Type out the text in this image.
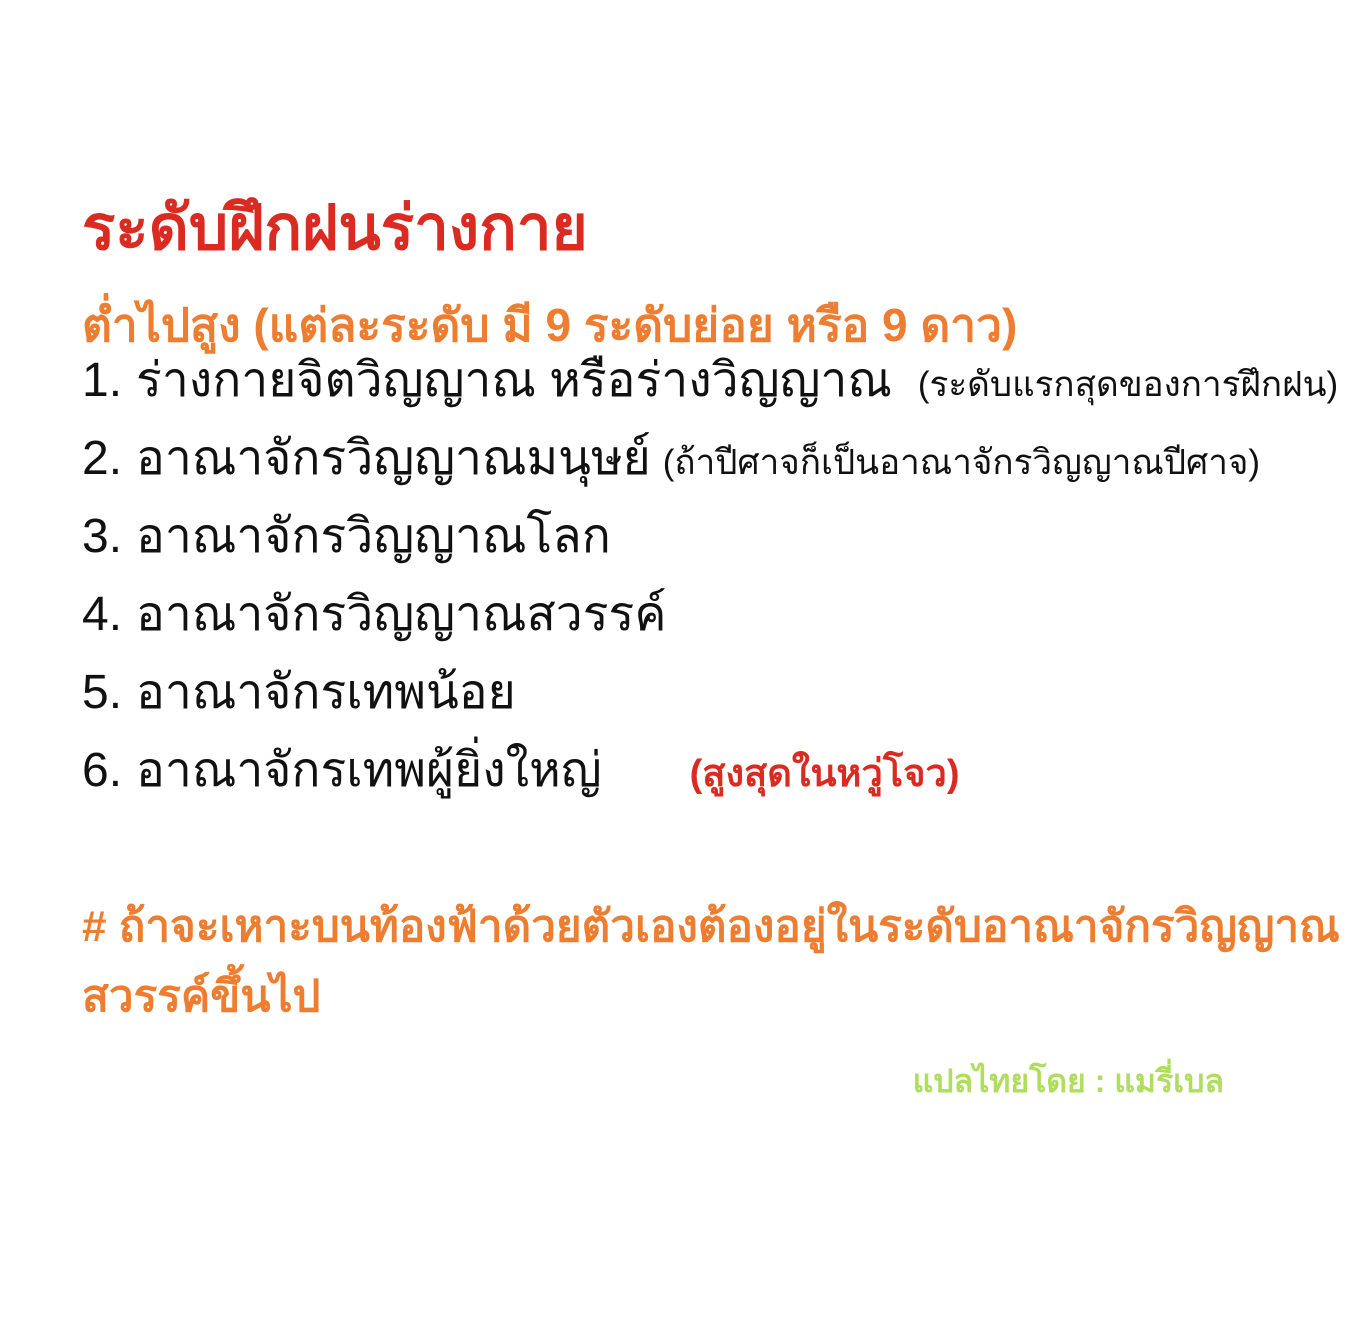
ระดับฝึกฝนร่างกาย
ต่ำไปสูง (แต่ละระดับ มี 9 ระดับย่อย หรือ 9 ดาว)
1. ร่างกายจิตวิญญาณ หรือร่างวิญญาณ (ระดับแรกสุดของการฝึกฝน)
2. อาณาจักรวิญญาณมนุษย์ (ถ้าปีศาจก็เป็นอาณาจักรวิญญาณปีศาจ)
3. อาณาจักรวิญญาณโลก
4. อาณาจักรวิญญาณสวรรค์
5. อาณาจักรเทพน้อย
6. อาณาจักรเทพผู้ยิ่งใหญ่ (สูงสุดในหวู่โจว)
# ถ้าจะเหาะบนท้องฟ้าด้วยตัวเองต้องอยู่ในระดับอาณาจักรวิญญาณ
สวรรค์ขึ้นไป
แปลไทยโดย : แมรี่เบล
